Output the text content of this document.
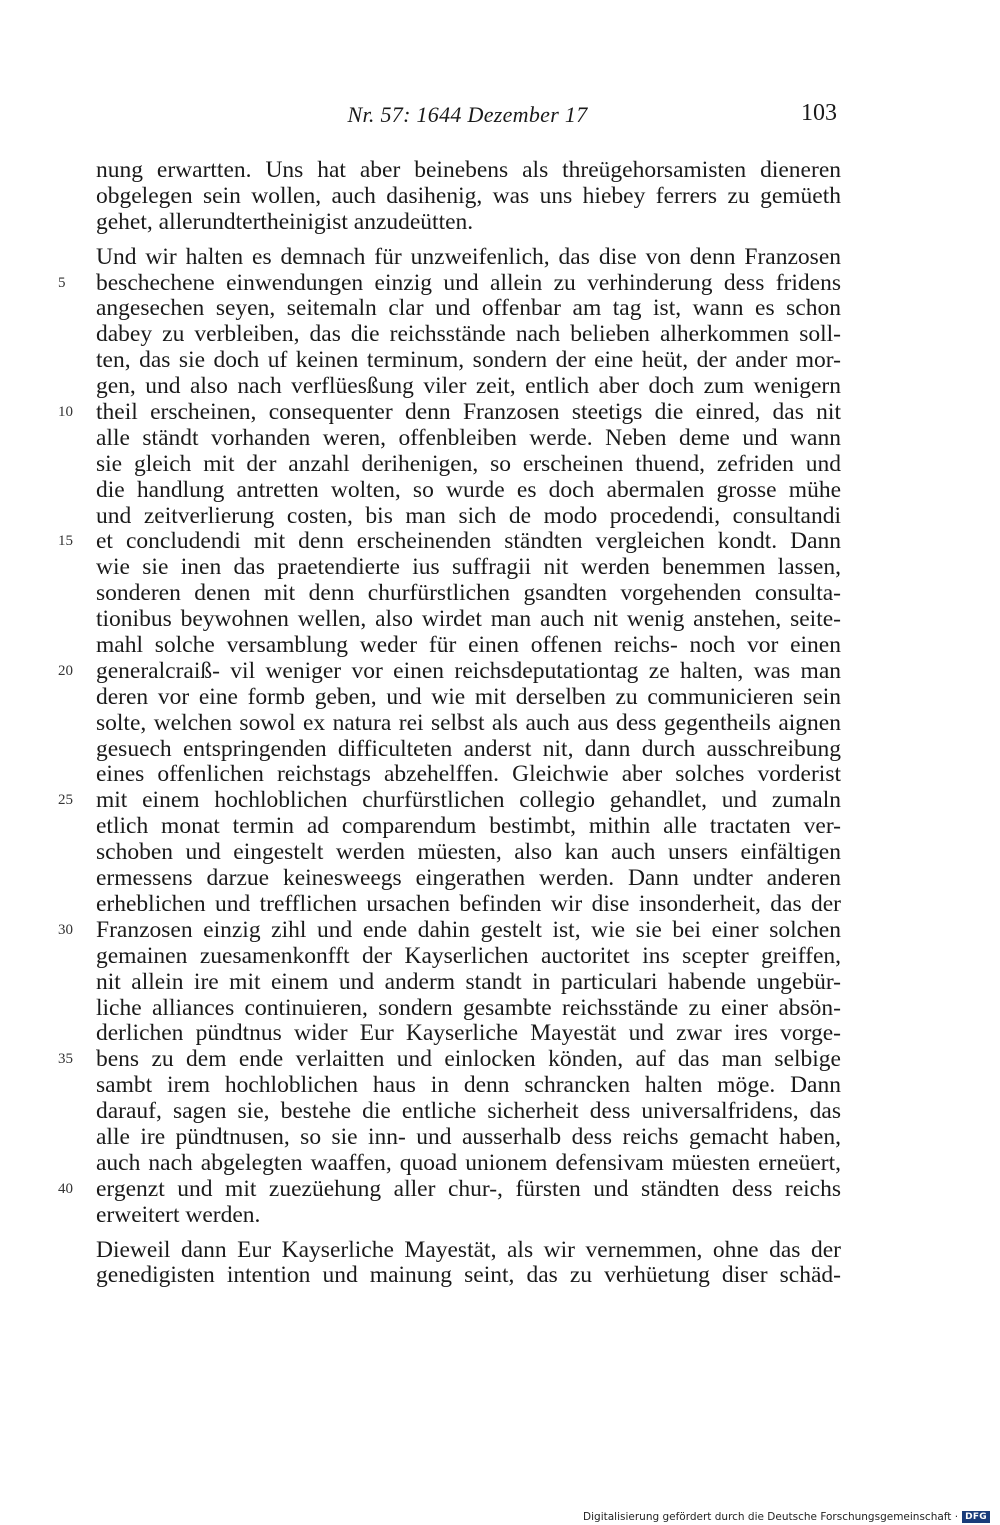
Nr. 57: 1644 Dezember 17	103
nung erwartten. Uns hat aber beinebens als threügehorsamisten dieneren
obgelegen sein wollen, auch dasihenig, was uns hiebey ferrers zu gemüeth
gehet, allerundtertheinigist anzudeütten.
Und wir halten es demnach für unzweifenlich, das dise von denn Franzosen
5	beschechene einwendungen einzig und allein zu verhinderung dess fridens
angesechen seyen, seitemaln clar und offenbar am tag ist, wann es schon
dabey zu verbleiben, das die reichsstände nach belieben alherkommen soll-
ten, das sie doch uf keinen terminum, sondern der eine heüt, der ander mor-
gen, und also nach verflüesßung viler zeit, entlich aber doch zum wenigern
10 theil erscheinen, consequenter denn Franzosen steetigs die einred, das nit
alle ständt vorhanden weren, offenbleiben werde. Neben deme und wann
sie gleich mit der anzahl derihenigen, so erscheinen thuend, zefriden und
die handlung antretten wolten, so wurde es doch abermalen grosse mühe
und zeitverlierung costen, bis man sich de modo procedendi, consultandi
15 et concludendi mit denn erscheinenden ständten vergleichen kondt. Dann
wie sie inen das praetendierte ius suffragii nit werden benemmen lassen,
sonderen denen mit denn churfürstlichen gsandten vorgehenden consulta-
tionibus beywohnen wellen, also wirdet man auch nit wenig anstehen, seite-
mahl solche versamblung weder für einen offenen reichs- noch vor einen
20 generalcraiß- vil weniger vor einen reichsdeputationtag ze halten, was man
deren vor eine formb geben, und wie mit derselben zu communicieren sein
solte, welchen sowol ex natura rei selbst als auch aus dess gegentheils aignen
gesuech entspringenden difficulteten anderst nit, dann durch ausschreibung
eines offenlichen reichstags abzehelffen. Gleichwie aber solches vorderist
25 mit einem hochloblichen churfürstlichen collegio gehandlet, und zumaln
etlich monat termin ad comparendum bestimbt, mithin alle tractaten ver-
schoben und eingestelt werden müesten, also kan auch unsers einfältigen
ermessens darzue keinesweegs eingerathen werden. Dann undter anderen
erheblichen und trefflichen ursachen befinden wir dise insonderheit, das der
30 Franzosen einzig zihl und ende dahin gestelt ist, wie sie bei einer solchen
gemainen zuesamenkonfft der Kayserlichen auctoritet ins scepter greiffen,
nit allein ire mit einem und anderm standt in particulari habende ungebür-
liche alliances continuieren, sondern gesambte reichsstände zu einer absön-
derlichen pündtnus wider Eur Kayserliche Mayestät und zwar ires vorge-
35 bens zu dem ende verlaitten und einlocken könden, auf das man selbige
sambt irem hochloblichen haus in denn schrancken halten möge. Dann
darauf, sagen sie, bestehe die entliche sicherheit dess universalfridens, das
alle ire pündtnusen, so sie inn- und ausserhalb dess reichs gemacht haben,
auch nach abgelegten waaffen, quoad unionem defensivam müesten erneüert,
40 ergenzt und mit zuezüehung aller chur-, fürsten und ständten dess reichs
erweitert werden.
Dieweil dann Eur Kayserliche Mayestät, als wir vernemmen, ohne das der
genedigisten intention und mainung seint, das zu verhüetung diser schäd-
Digitalisierung gefördert durch die Deutsche Forschungsgemeinschaft · DFG
